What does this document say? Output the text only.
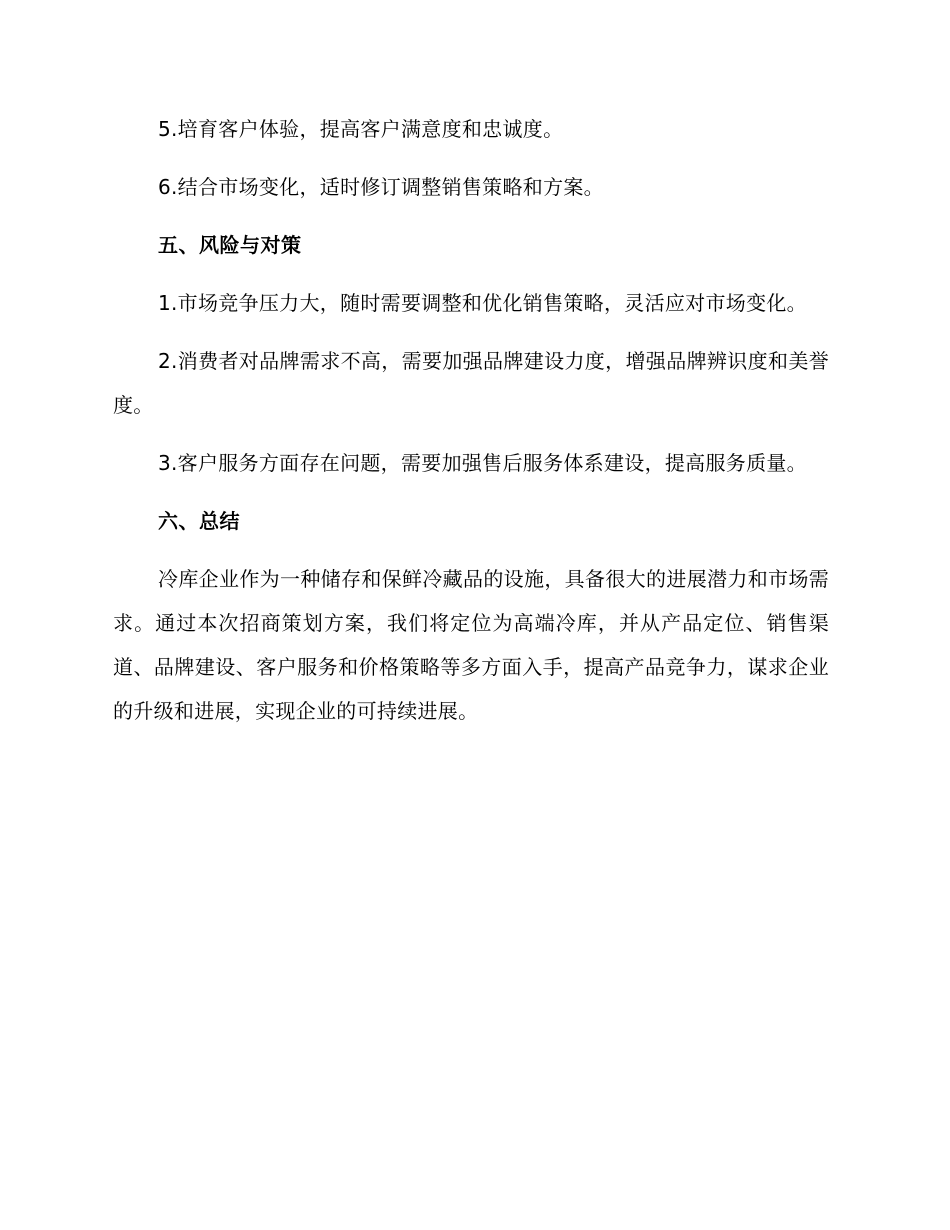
5.培育客户体验，提高客户满意度和忠诚度。

6.结合市场变化，适时修订调整销售策略和方案。

五、风险与对策

1.市场竞争压力大，随时需要调整和优化销售策略，灵活应对市场变化。

2.消费者对品牌需求不高，需要加强品牌建设力度，增强品牌辨识度和美誉度。

3.客户服务方面存在问题，需要加强售后服务体系建设，提高服务质量。

六、总结

冷库企业作为一种储存和保鲜冷藏品的设施，具备很大的进展潜力和市场需求。通过本次招商策划方案，我们将定位为高端冷库，并从产品定位、销售渠道、品牌建设、客户服务和价格策略等多方面入手，提高产品竞争力，谋求企业的升级和进展，实现企业的可持续进展。
